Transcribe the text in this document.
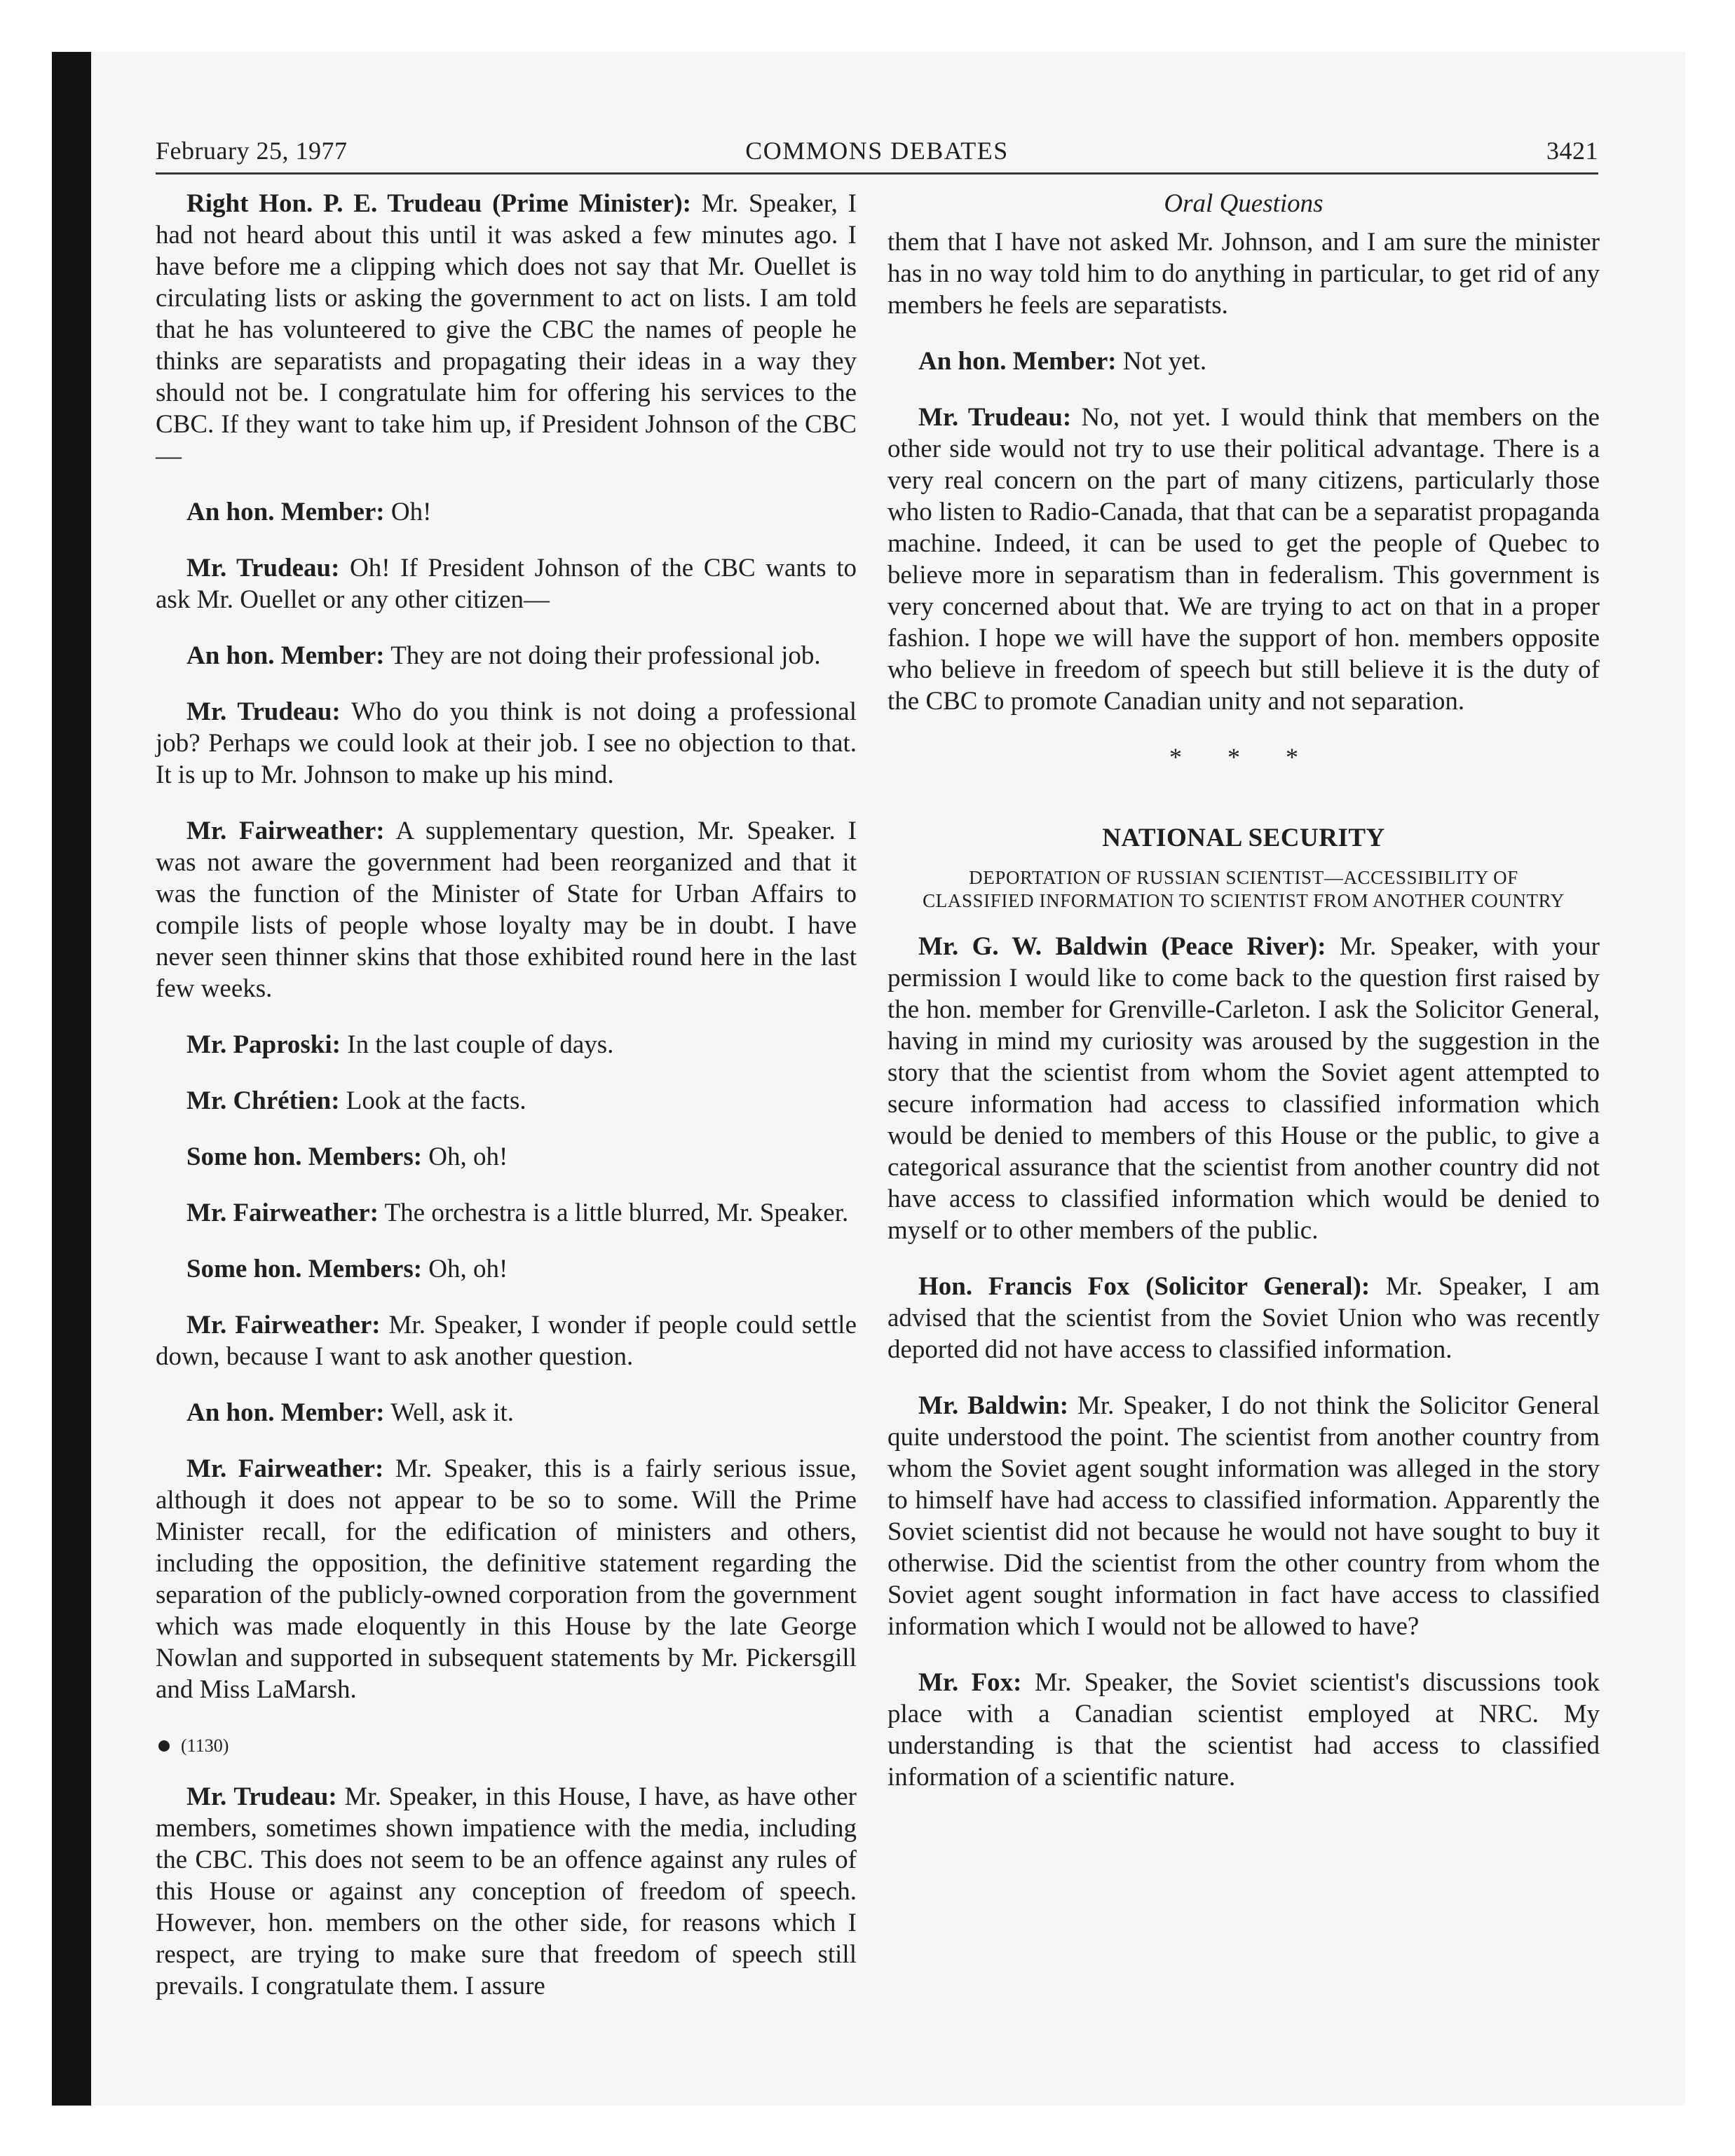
February 25, 1977	COMMONS DEBATES	3421

Right Hon. P. E. Trudeau (Prime Minister): Mr. Speaker, I had not heard about this until it was asked a few minutes ago. I have before me a clipping which does not say that Mr. Ouellet is circulating lists or asking the government to act on lists. I am told that he has volunteered to give the CBC the names of people he thinks are separatists and propagating their ideas in a way they should not be. I congratulate him for offering his services to the CBC. If they want to take him up, if President Johnson of the CBC—

An hon. Member: Oh!

Mr. Trudeau: Oh! If President Johnson of the CBC wants to ask Mr. Ouellet or any other citizen—

An hon. Member: They are not doing their professional job.

Mr. Trudeau: Who do you think is not doing a professional job? Perhaps we could look at their job. I see no objection to that. It is up to Mr. Johnson to make up his mind.

Mr. Fairweather: A supplementary question, Mr. Speaker. I was not aware the government had been reorganized and that it was the function of the Minister of State for Urban Affairs to compile lists of people whose loyalty may be in doubt. I have never seen thinner skins that those exhibited round here in the last few weeks.

Mr. Paproski: In the last couple of days.

Mr. Chrétien: Look at the facts.

Some hon. Members: Oh, oh!

Mr. Fairweather: The orchestra is a little blurred, Mr. Speaker.

Some hon. Members: Oh, oh!

Mr. Fairweather: Mr. Speaker, I wonder if people could settle down, because I want to ask another question.

An hon. Member: Well, ask it.

Mr. Fairweather: Mr. Speaker, this is a fairly serious issue, although it does not appear to be so to some. Will the Prime Minister recall, for the edification of ministers and others, including the opposition, the definitive statement regarding the separation of the publicly-owned corporation from the government which was made eloquently in this House by the late George Nowlan and supported in subsequent statements by Mr. Pickersgill and Miss LaMarsh.

(1130)

Mr. Trudeau: Mr. Speaker, in this House, I have, as have other members, sometimes shown impatience with the media, including the CBC. This does not seem to be an offence against any rules of this House or against any conception of freedom of speech. However, hon. members on the other side, for reasons which I respect, are trying to make sure that freedom of speech still prevails. I congratulate them. I assure

Oral Questions

them that I have not asked Mr. Johnson, and I am sure the minister has in no way told him to do anything in particular, to get rid of any members he feels are separatists.

An hon. Member: Not yet.

Mr. Trudeau: No, not yet. I would think that members on the other side would not try to use their political advantage. There is a very real concern on the part of many citizens, particularly those who listen to Radio-Canada, that that can be a separatist propaganda machine. Indeed, it can be used to get the people of Quebec to believe more in separatism than in federalism. This government is very concerned about that. We are trying to act on that in a proper fashion. I hope we will have the support of hon. members opposite who believe in freedom of speech but still believe it is the duty of the CBC to promote Canadian unity and not separation.

* * *
NATIONAL SECURITY
DEPORTATION OF RUSSIAN SCIENTIST—ACCESSIBILITY OF CLASSIFIED INFORMATION TO SCIENTIST FROM ANOTHER COUNTRY

Mr. G. W. Baldwin (Peace River): Mr. Speaker, with your permission I would like to come back to the question first raised by the hon. member for Grenville-Carleton. I ask the Solicitor General, having in mind my curiosity was aroused by the suggestion in the story that the scientist from whom the Soviet agent attempted to secure information had access to classified information which would be denied to members of this House or the public, to give a categorical assurance that the scientist from another country did not have access to classified information which would be denied to myself or to other members of the public.

Hon. Francis Fox (Solicitor General): Mr. Speaker, I am advised that the scientist from the Soviet Union who was recently deported did not have access to classified information.

Mr. Baldwin: Mr. Speaker, I do not think the Solicitor General quite understood the point. The scientist from another country from whom the Soviet agent sought information was alleged in the story to himself have had access to classified information. Apparently the Soviet scientist did not because he would not have sought to buy it otherwise. Did the scientist from the other country from whom the Soviet agent sought information in fact have access to classified information which I would not be allowed to have?

Mr. Fox: Mr. Speaker, the Soviet scientist's discussions took place with a Canadian scientist employed at NRC. My understanding is that the scientist had access to classified information of a scientific nature.
